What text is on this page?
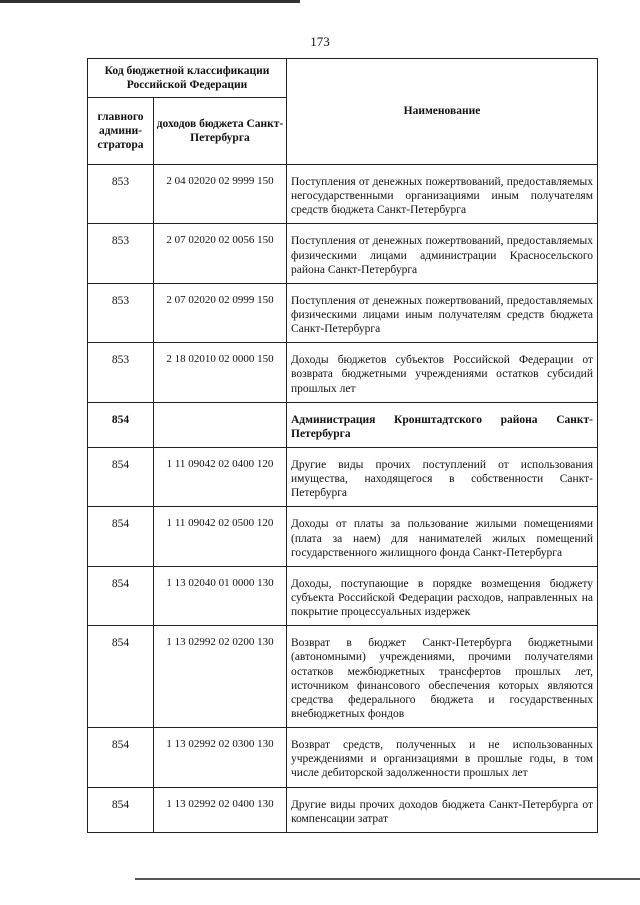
173
Код бюджетной классификации Российской Федерации		Наименование
главного админи-стратора	доходов бюджета Санкт-Петербурга	
853	2 04 02020 02 9999 150	Поступления от денежных пожертвований, предоставляемых негосударственными организациями иным получателям средств бюджета Санкт-Петербурга
853	2 07 02020 02 0056 150	Поступления от денежных пожертвований, предоставляемых физическими лицами администрации Красносельского района Санкт-Петербурга
853	2 07 02020 02 0999 150	Поступления от денежных пожертвований, предоставляемых физическими лицами иным получателям средств бюджета Санкт-Петербурга
853	2 18 02010 02 0000 150	Доходы бюджетов субъектов Российской Федерации от возврата бюджетными учреждениями остатков субсидий прошлых лет
854		Администрация Кронштадтского района Санкт-Петербурга
854	1 11 09042 02 0400 120	Другие виды прочих поступлений от использования имущества, находящегося в собственности Санкт-Петербурга
854	1 11 09042 02 0500 120	Доходы от платы за пользование жилыми помещениями (плата за наем) для нанимателей жилых помещений государственного жилищного фонда Санкт-Петербурга
854	1 13 02040 01 0000 130	Доходы, поступающие в порядке возмещения бюджету субъекта Российской Федерации расходов, направленных на покрытие процессуальных издержек
854	1 13 02992 02 0200 130	Возврат в бюджет Санкт-Петербурга бюджетными (автономными) учреждениями, прочими получателями остатков межбюджетных трансфертов прошлых лет, источником финансового обеспечения которых являются средства федерального бюджета и государственных внебюджетных фондов
854	1 13 02992 02 0300 130	Возврат средств, полученных и не использованных учреждениями и организациями в прошлые годы, в том числе дебиторской задолженности прошлых лет
854	1 13 02992 02 0400 130	Другие виды прочих доходов бюджета Санкт-Петербурга от компенсации затрат
